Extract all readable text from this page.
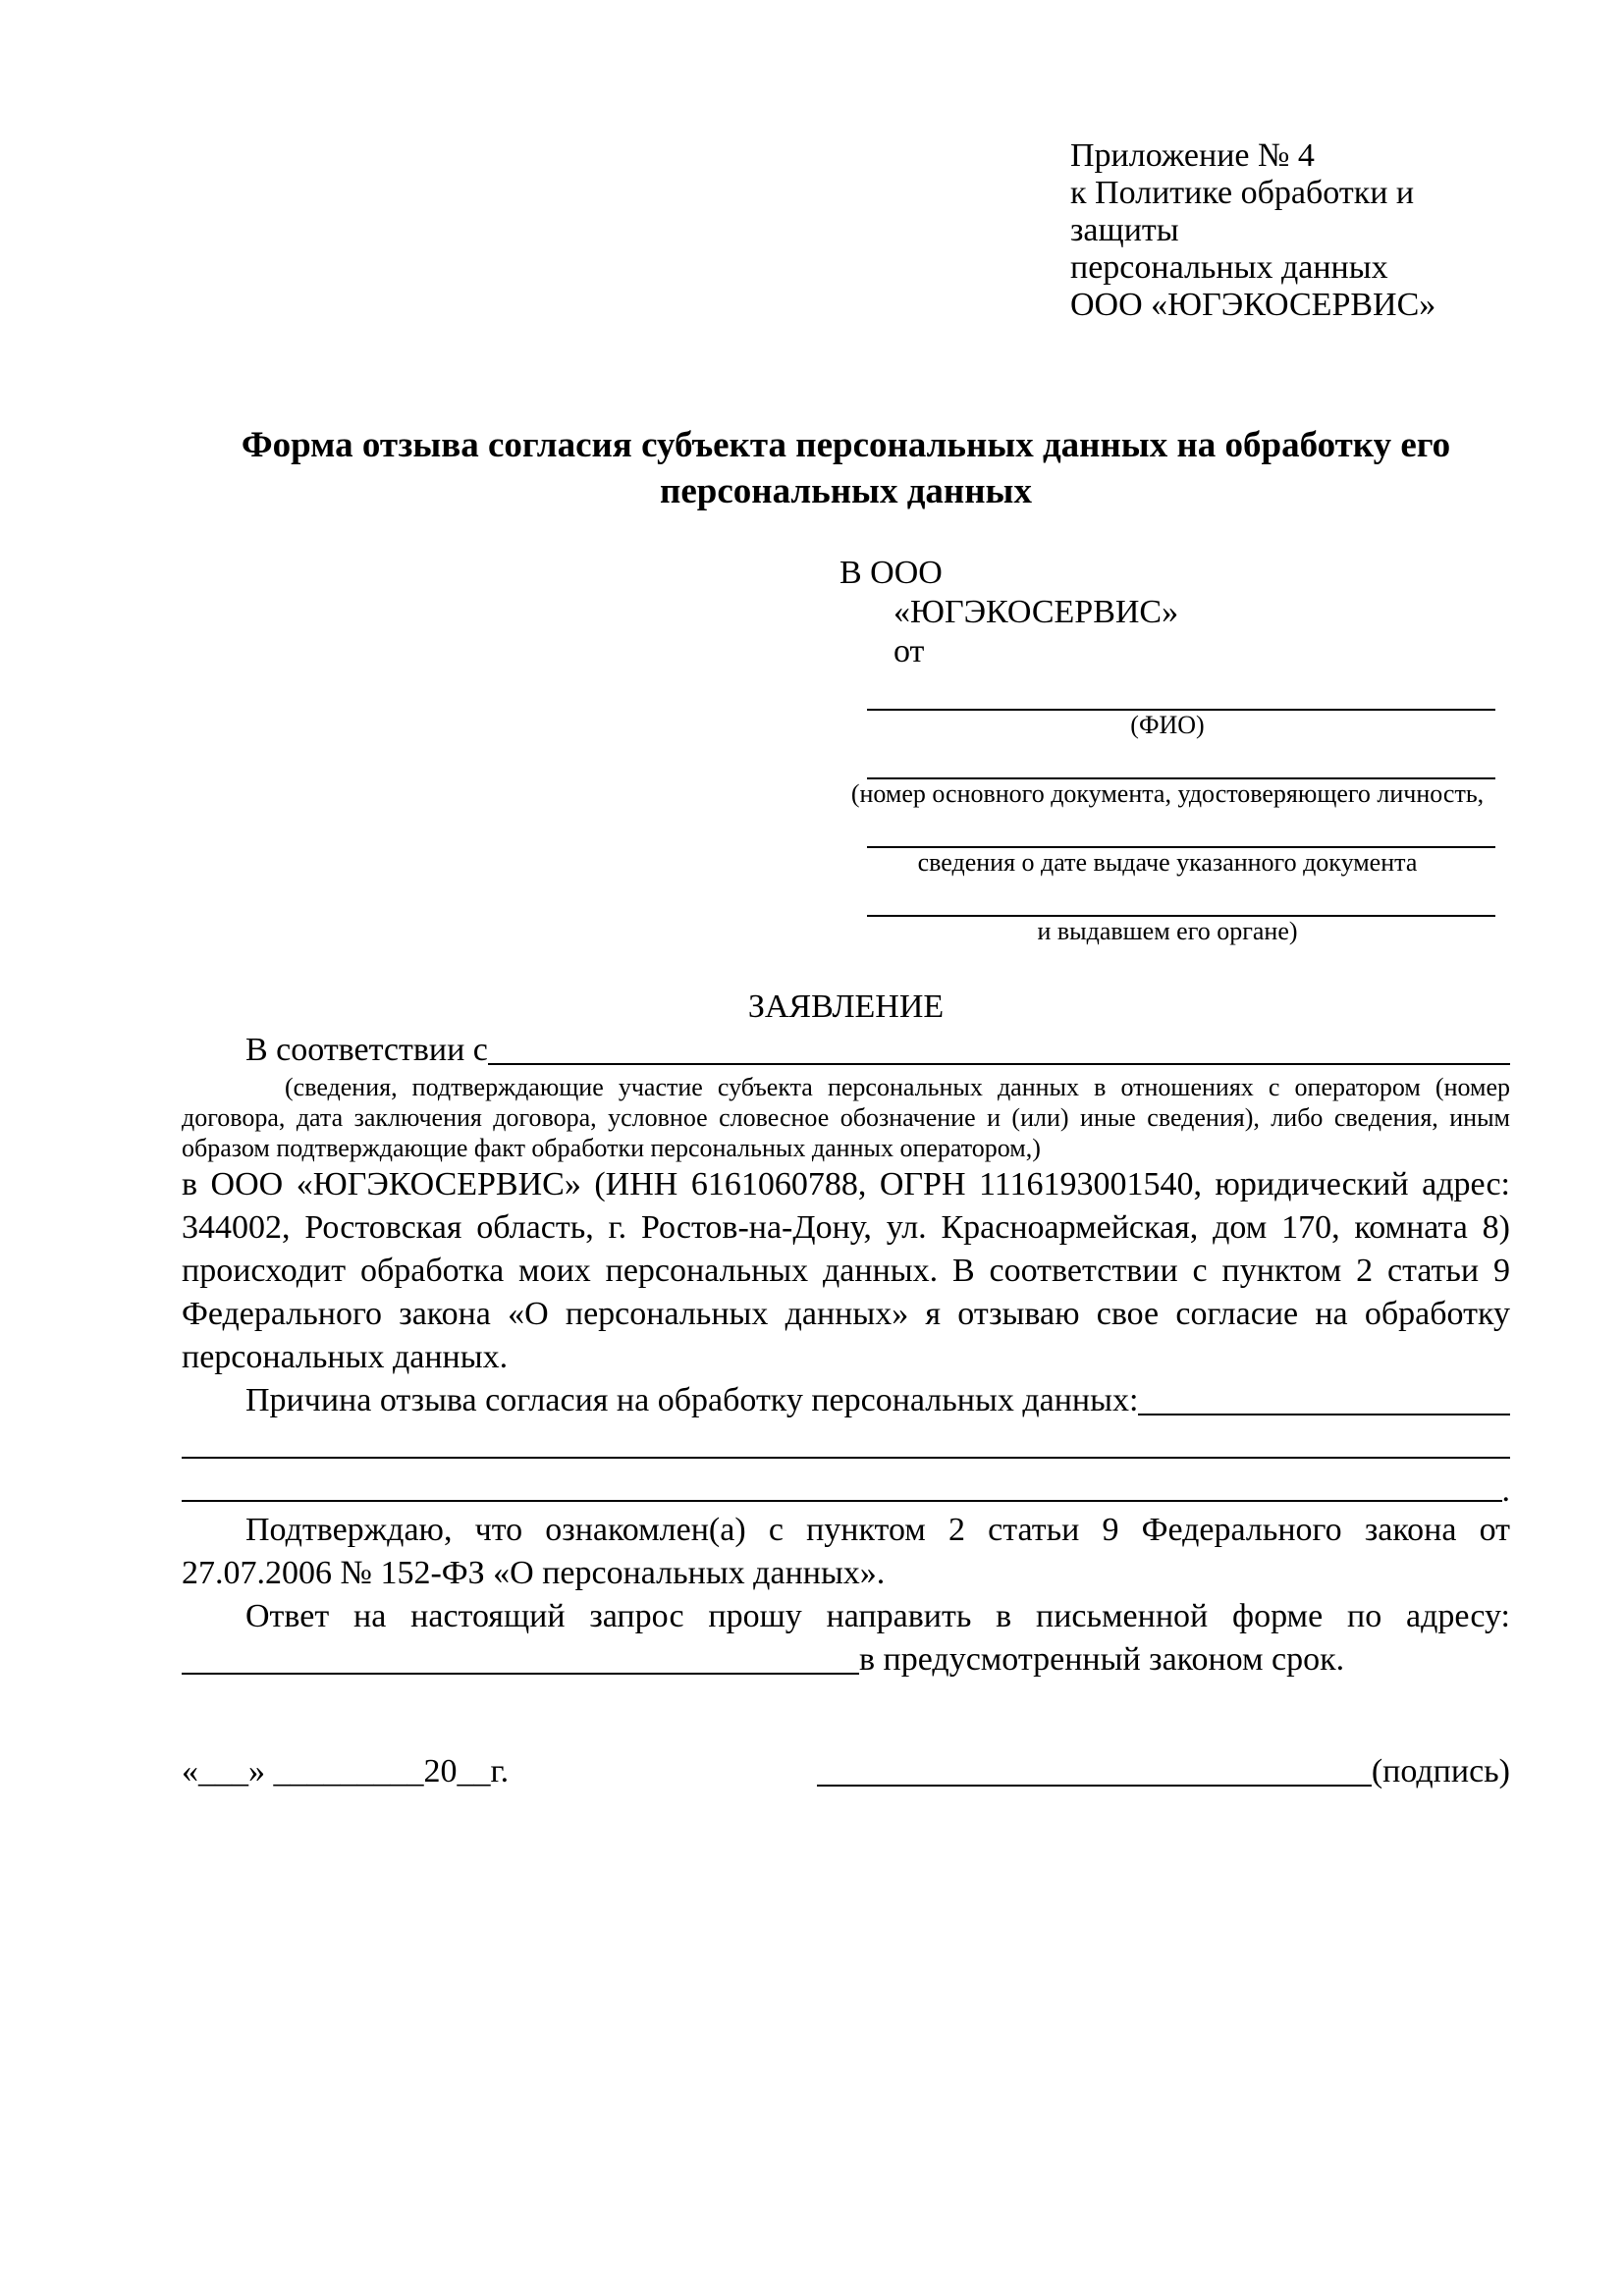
Приложение № 4
к Политике обработки и защиты
персональных данных
ООО «ЮГЭКОСЕРВИС»
Форма отзыва согласия субъекта персональных данных на обработку его персональных данных
В ООО
«ЮГЭКОСЕРВИС»
от
(ФИО)
(номер основного документа, удостоверяющего личность,
сведения о дате выдаче указанного документа
и выдавшем его органе)
ЗАЯВЛЕНИЕ
В соответствии с
(сведения, подтверждающие участие субъекта персональных данных в отношениях с оператором (номер договора, дата заключения договора, условное словесное обозначение и (или) иные сведения), либо сведения, иным образом подтверждающие факт обработки персональных данных оператором,)
в ООО «ЮГЭКОСЕРВИС» (ИНН 6161060788, ОГРН 1116193001540, юридический адрес: 344002, Ростовская область, г. Ростов-на-Дону, ул. Красноармейская, дом 170, комната 8) происходит обработка моих персональных данных. В соответствии с пунктом 2 статьи 9 Федерального закона «О персональных данных» я отзываю свое согласие на обработку персональных данных.
Причина отзыва согласия на обработку персональных данных:
.
Подтверждаю, что ознакомлен(а) с пунктом 2 статьи 9 Федерального закона от 27.07.2006 № 152-ФЗ «О персональных данных».
Ответ на настоящий запрос прошу направить в письменной форме по адресу:
в предусмотренный законом срок.
«___» _________20__г.	(подпись)
